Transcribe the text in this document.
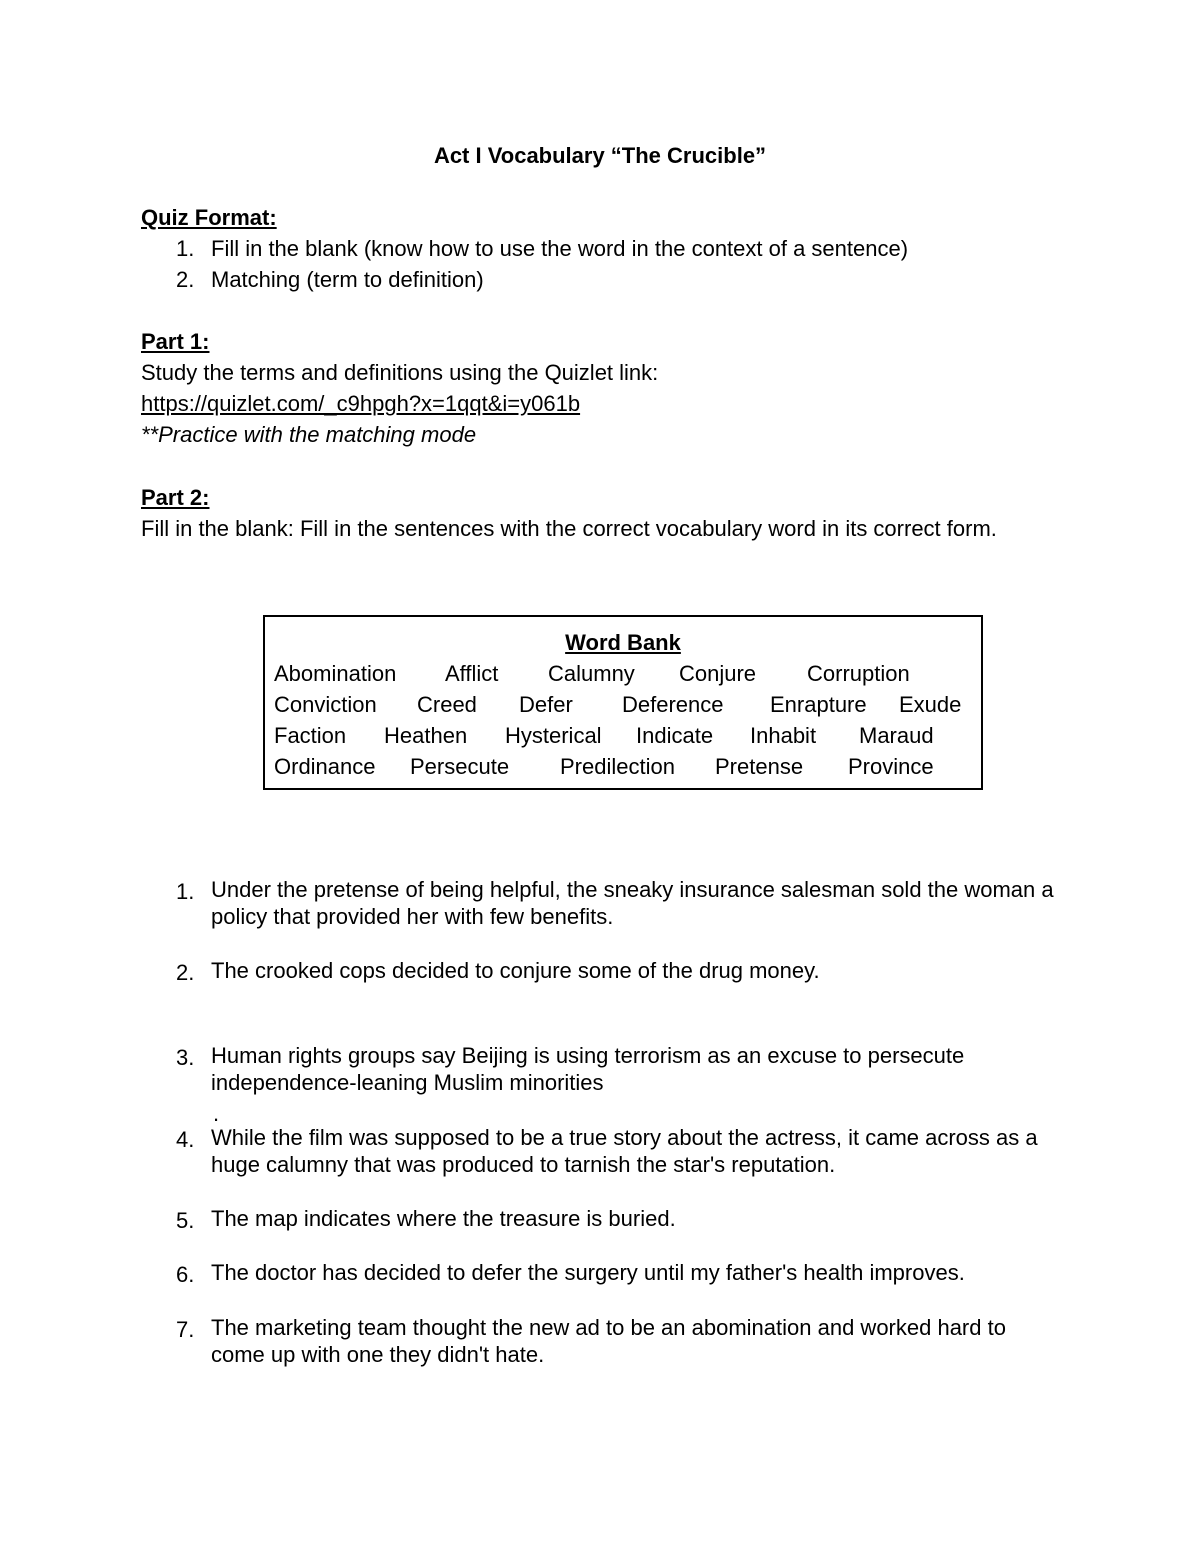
Act I Vocabulary “The Crucible”
Quiz Format:
1. Fill in the blank (know how to use the word in the context of a sentence)
2. Matching (term to definition)
Part 1:
Study the terms and definitions using the Quizlet link:
https://quizlet.com/_c9hpgh?x=1qqt&i=y061b
**Practice with the matching mode
Part 2:
Fill in the blank: Fill in the sentences with the correct vocabulary word in its correct form.
Word Bank
Abomination Afflict Calumny Conjure Corruption
Conviction Creed Defer Deference Enrapture Exude
Faction Heathen Hysterical Indicate Inhabit Maraud
Ordinance Persecute Predilection Pretense Province
1. Under the pretense of being helpful, the sneaky insurance salesman sold the woman a policy that provided her with few benefits.
2. The crooked cops decided to conjure some of the drug money.
3. Human rights groups say Beijing is using terrorism as an excuse to persecute independence-leaning Muslim minorities
4. While the film was supposed to be a true story about the actress, it came across as a huge calumny that was produced to tarnish the star's reputation.
5. The map indicates where the treasure is buried.
6. The doctor has decided to defer the surgery until my father's health improves.
7. The marketing team thought the new ad to be an abomination and worked hard to come up with one they didn't hate.
.
